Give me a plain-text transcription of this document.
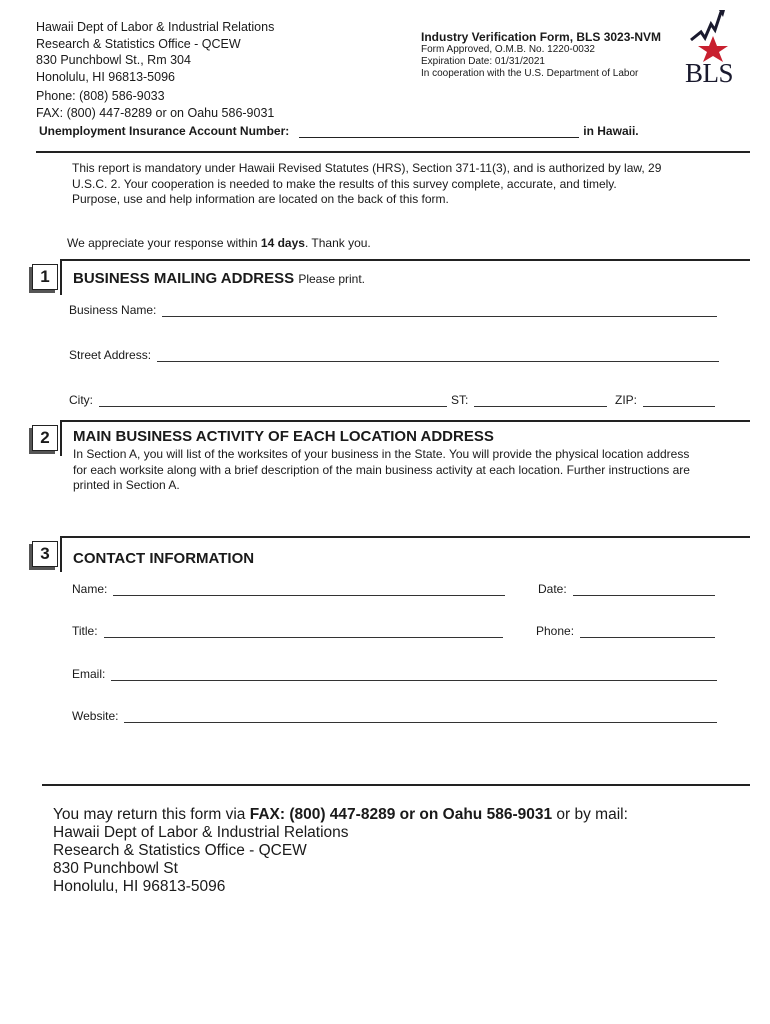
Hawaii Dept of Labor & Industrial Relations
Research & Statistics Office - QCEW
830 Punchbowl St., Rm 304
Honolulu, HI 96813-5096
Phone: (808) 586-9033
FAX: (800) 447-8289 or on Oahu 586-9031
Industry Verification Form, BLS 3023-NVM
Form Approved, O.M.B. No. 1220-0032
Expiration Date: 01/31/2021
In cooperation with the U.S. Department of Labor	BLS
Unemployment Insurance Account Number:	in Hawaii.
This report is mandatory under Hawaii Revised Statutes (HRS), Section 371-11(3), and is authorized by law, 29 U.S.C. 2. Your cooperation is needed to make the results of this survey complete, accurate, and timely. Purpose, use and help information are located on the back of this form.
We appreciate your response within 14 days. Thank you.
1	BUSINESS MAILING ADDRESS Please print.
Business Name:
Street Address:
City:	ST:	ZIP:
2	MAIN BUSINESS ACTIVITY OF EACH LOCATION ADDRESS
In Section A, you will list of the worksites of your business in the State. You will provide the physical location address for each worksite along with a brief description of the main business activity at each location. Further instructions are printed in Section A.
3	CONTACT INFORMATION
Name:	Date:
Title:	Phone:
Email:
Website:
You may return this form via FAX: (800) 447-8289 or on Oahu 586-9031 or by mail:
Hawaii Dept of Labor & Industrial Relations
Research & Statistics Office - QCEW
830 Punchbowl St
Honolulu, HI 96813-5096
